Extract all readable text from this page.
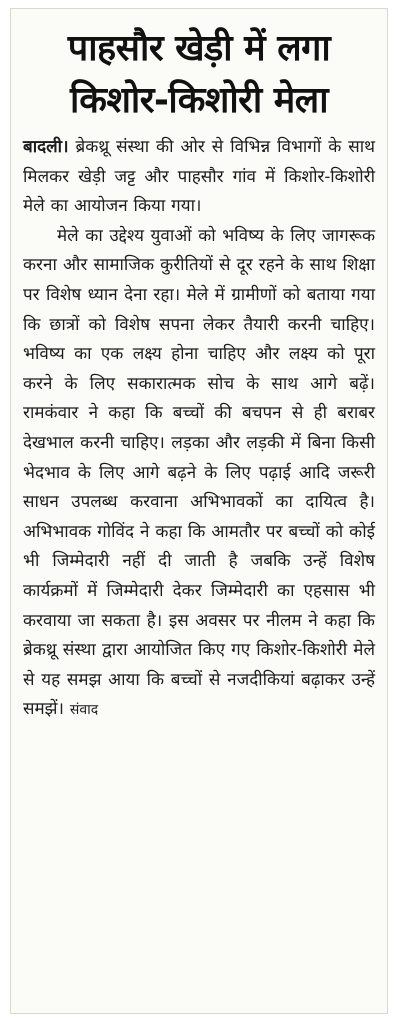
पाहसौर खेड़ी में लगा
किशोर-किशोरी मेला

बादली। ब्रेकथ्रू संस्था की ओर से विभिन्न विभागों के साथ मिलकर खेड़ी जट्ट और पाहसौर गांव में किशोर-किशोरी मेले का आयोजन किया गया।

मेले का उद्देश्य युवाओं को भविष्य के लिए जागरूक करना और सामाजिक कुरीतियों से दूर रहने के साथ शिक्षा पर विशेष ध्यान देना रहा। मेले में ग्रामीणों को बताया गया कि छात्रों को विशेष सपना लेकर तैयारी करनी चाहिए। भविष्य का एक लक्ष्य होना चाहिए और लक्ष्य को पूरा करने के लिए सकारात्मक सोच के साथ आगे बढ़ें। रामकंवार ने कहा कि बच्चों की बचपन से ही बराबर देखभाल करनी चाहिए। लड़का और लड़की में बिना किसी भेदभाव के लिए आगे बढ़ने के लिए पढ़ाई आदि जरूरी साधन उपलब्ध करवाना अभिभावकों का दायित्व है। अभिभावक गोविंद ने कहा कि आमतौर पर बच्चों को कोई भी जिम्मेदारी नहीं दी जाती है जबकि उन्हें विशेष कार्यक्रमों में जिम्मेदारी देकर जिम्मेदारी का एहसास भी करवाया जा सकता है। इस अवसर पर नीलम ने कहा कि ब्रेकथ्रू संस्था द्वारा आयोजित किए गए किशोर-किशोरी मेले से यह समझ आया कि बच्चों से नजदीकियां बढ़ाकर उन्हें समझें। संवाद
